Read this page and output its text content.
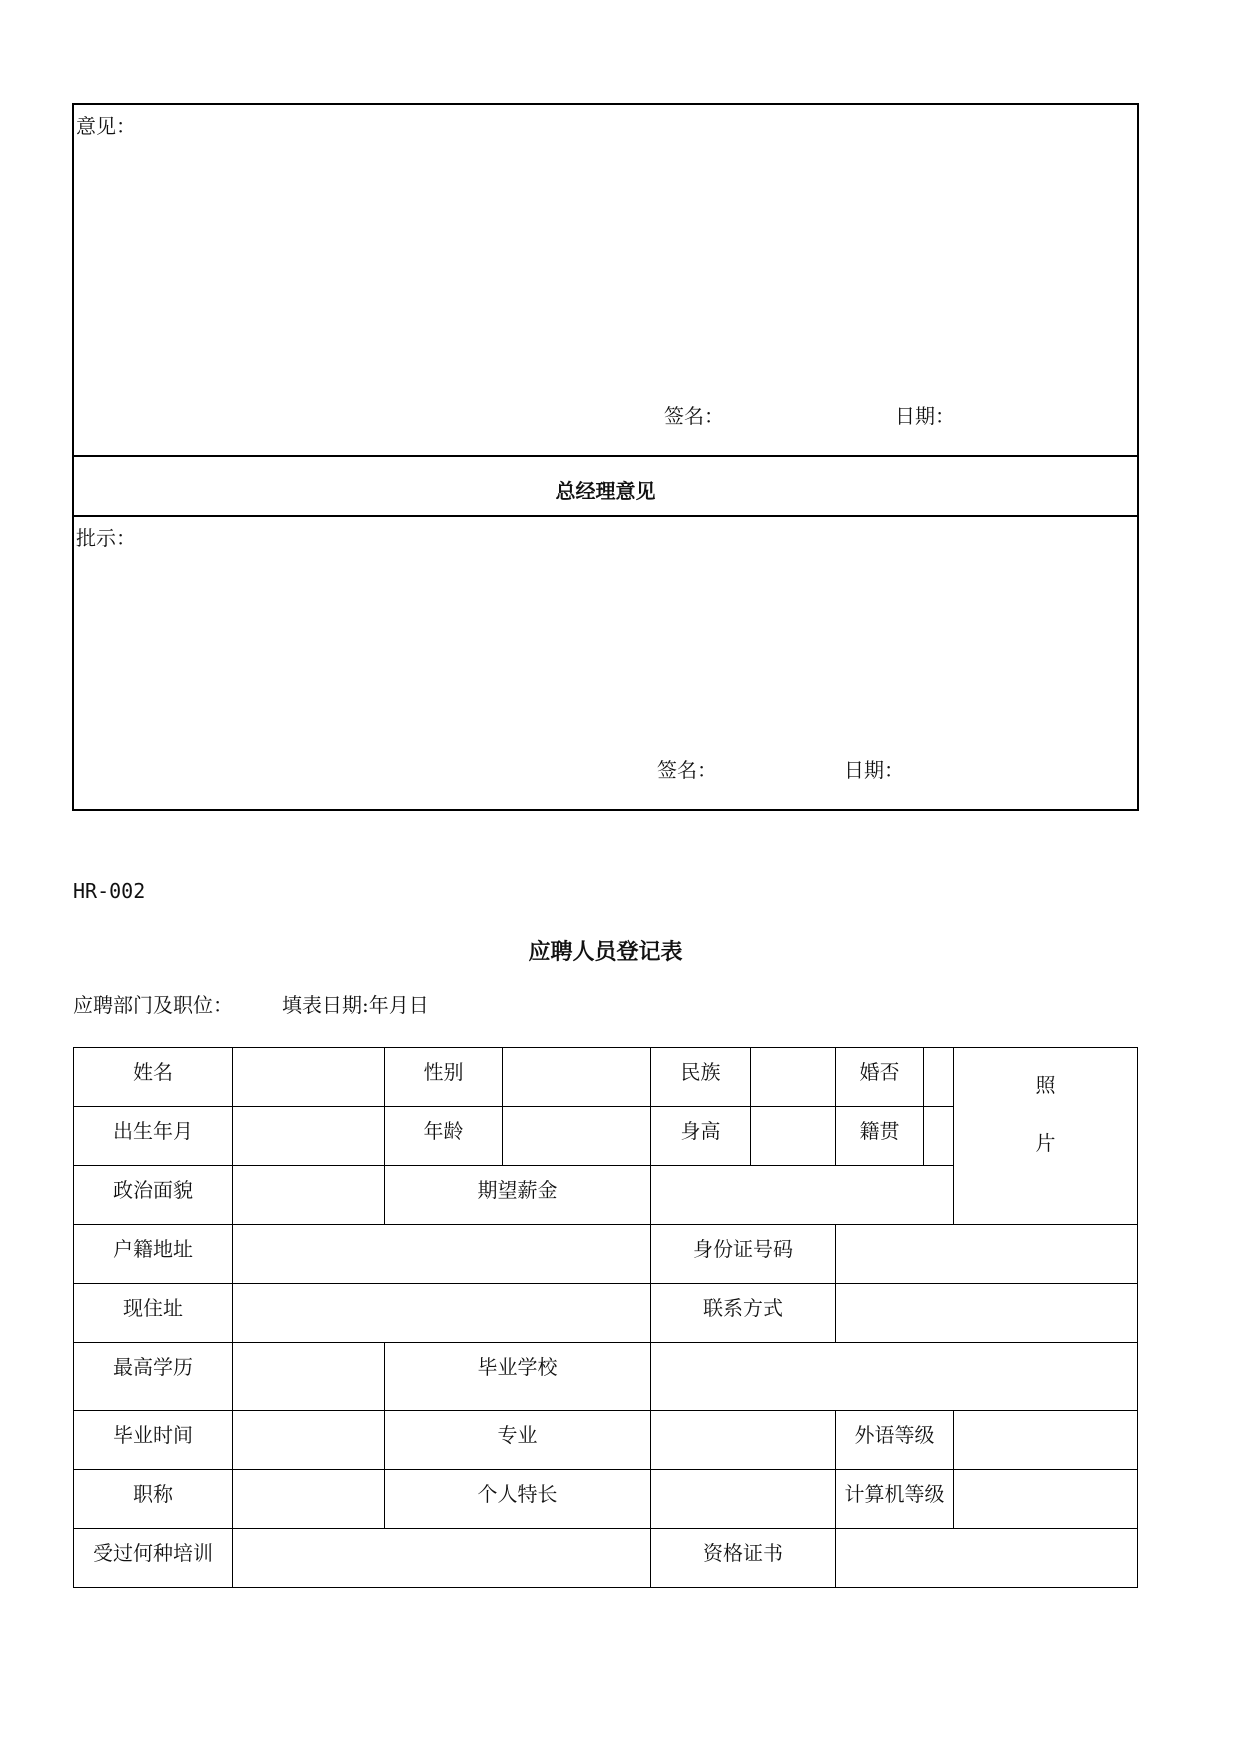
意见：
签名：	日期：
总经理意见
批示：
签名：	日期：
HR-002
应聘人员登记表
应聘部门及职位： 填表日期:年月日
姓名		性别		民族		婚否		照
片

出生年月		年龄		身高		籍贯		
政治面貌		期望薪金						
户籍地址				身份证号码				
现住址				联系方式				
最高学历		毕业学校						
毕业时间		专业				外语等级		
职称		个人特长				计算机等级		
受过何种培训				资格证书				
